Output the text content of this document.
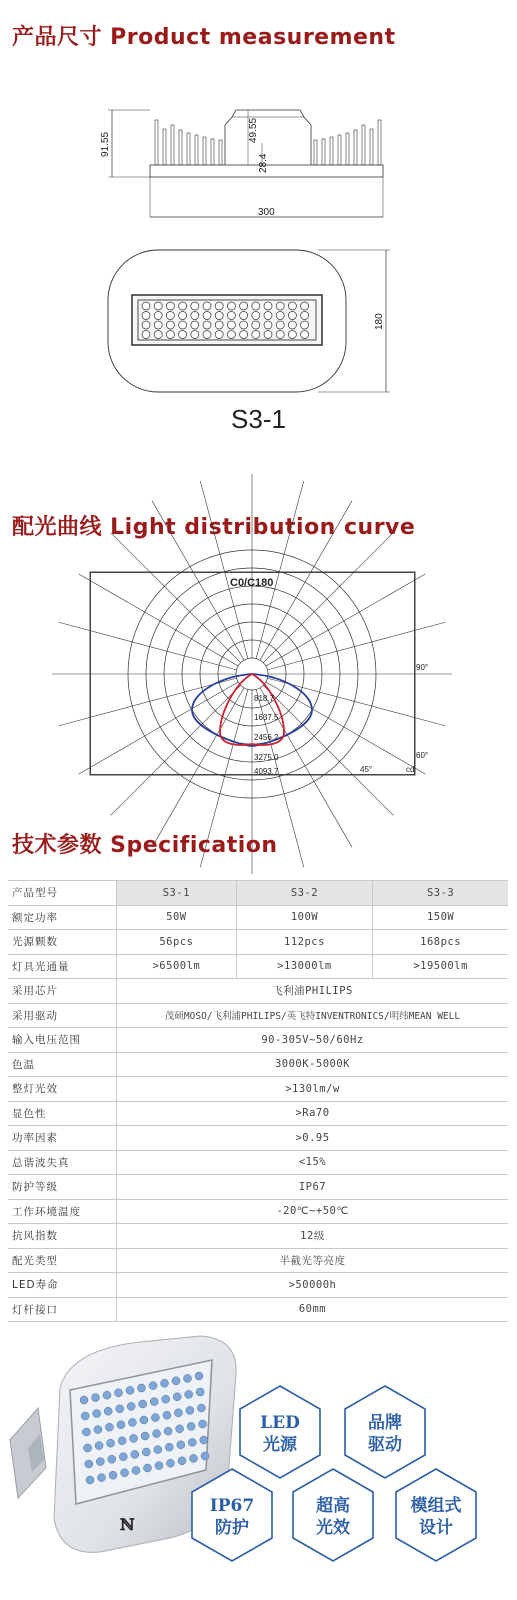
产品尺寸 Product measurement
91.55
49.55
28.4
300
180
S3-1
配光曲线 Light distribution curve
C0/C180
818.7
1637.5
2456.2
3275.0
4093.7
90°
60°
45°	cd
技术参数 Specification
产品型号	S3-1	S3-2	S3-3
额定功率	50W	100W	150W
光源颗数	56pcs	112pcs	168pcs
灯具光通量	>6500lm	>13000lm	>19500lm
采用芯片	飞利浦PHILIPS		
采用驱动	茂硕MOSO/飞利浦PHILIPS/英飞特INVENTRONICS/明纬MEAN WELL		
输入电压范围	90-305V~50/60Hz		
色温	3000K-5000K		
整灯光效	>130lm/w		
显色性	>Ra70		
功率因素	>0.95		
总谐波失真	<15%		
防护等级	IP67		
工作环境温度	-20℃~+50℃		
抗风指数	12级		
配光类型	半截光等亮度		
LED寿命	>50000h		
灯杆接口	60mm		
ℕ
LED
光源
品牌
驱动
IP67
防护
超高
光效
模组式
设计
